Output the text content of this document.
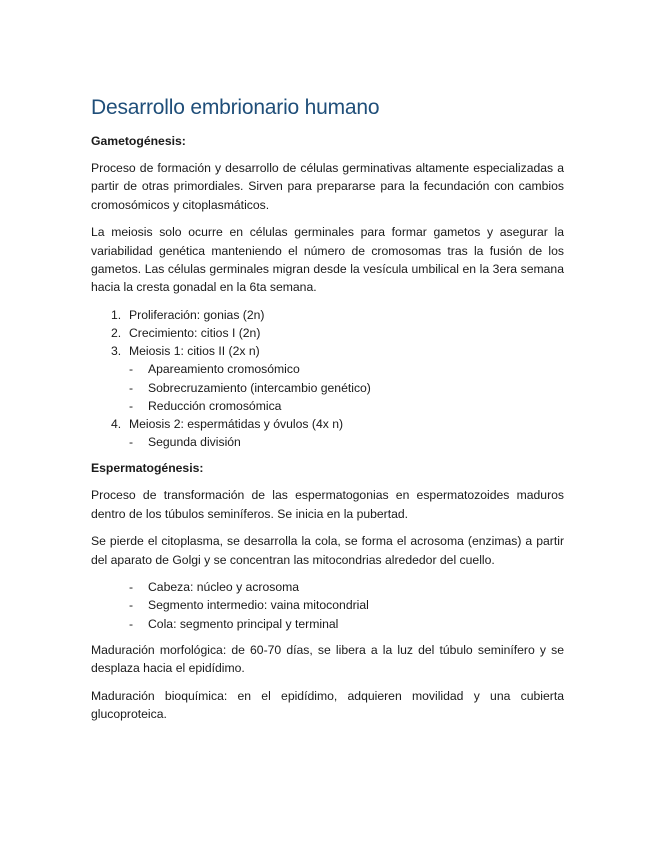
Desarrollo embrionario humano
Gametogénesis:

Proceso de formación y desarrollo de células germinativas altamente especializadas a partir de otras primordiales. Sirven para prepararse para la fecundación con cambios cromosómicos y citoplasmáticos.

La meiosis solo ocurre en células germinales para formar gametos y asegurar la variabilidad genética manteniendo el número de cromosomas tras la fusión de los gametos. Las células germinales migran desde la vesícula umbilical en la 3era semana hacia la cresta gonadal en la 6ta semana.

1. Proliferación: gonias (2n)
2. Crecimiento: citios I (2n)
3. Meiosis 1: citios II (2x n)
- Apareamiento cromosómico
- Sobrecruzamiento (intercambio genético)
- Reducción cromosómica
4. Meiosis 2: espermátidas y óvulos (4x n)
- Segunda división
Espermatogénesis:

Proceso de transformación de las espermatogonias en espermatozoides maduros dentro de los túbulos seminíferos. Se inicia en la pubertad.

Se pierde el citoplasma, se desarrolla la cola, se forma el acrosoma (enzimas) a partir del aparato de Golgi y se concentran las mitocondrias alrededor del cuello.

- Cabeza: núcleo y acrosoma
- Segmento intermedio: vaina mitocondrial
- Cola: segmento principal y terminal

Maduración morfológica: de 60-70 días, se libera a la luz del túbulo seminífero y se desplaza hacia el epidídimo.

Maduración bioquímica: en el epidídimo, adquieren movilidad y una cubierta glucoproteica.
